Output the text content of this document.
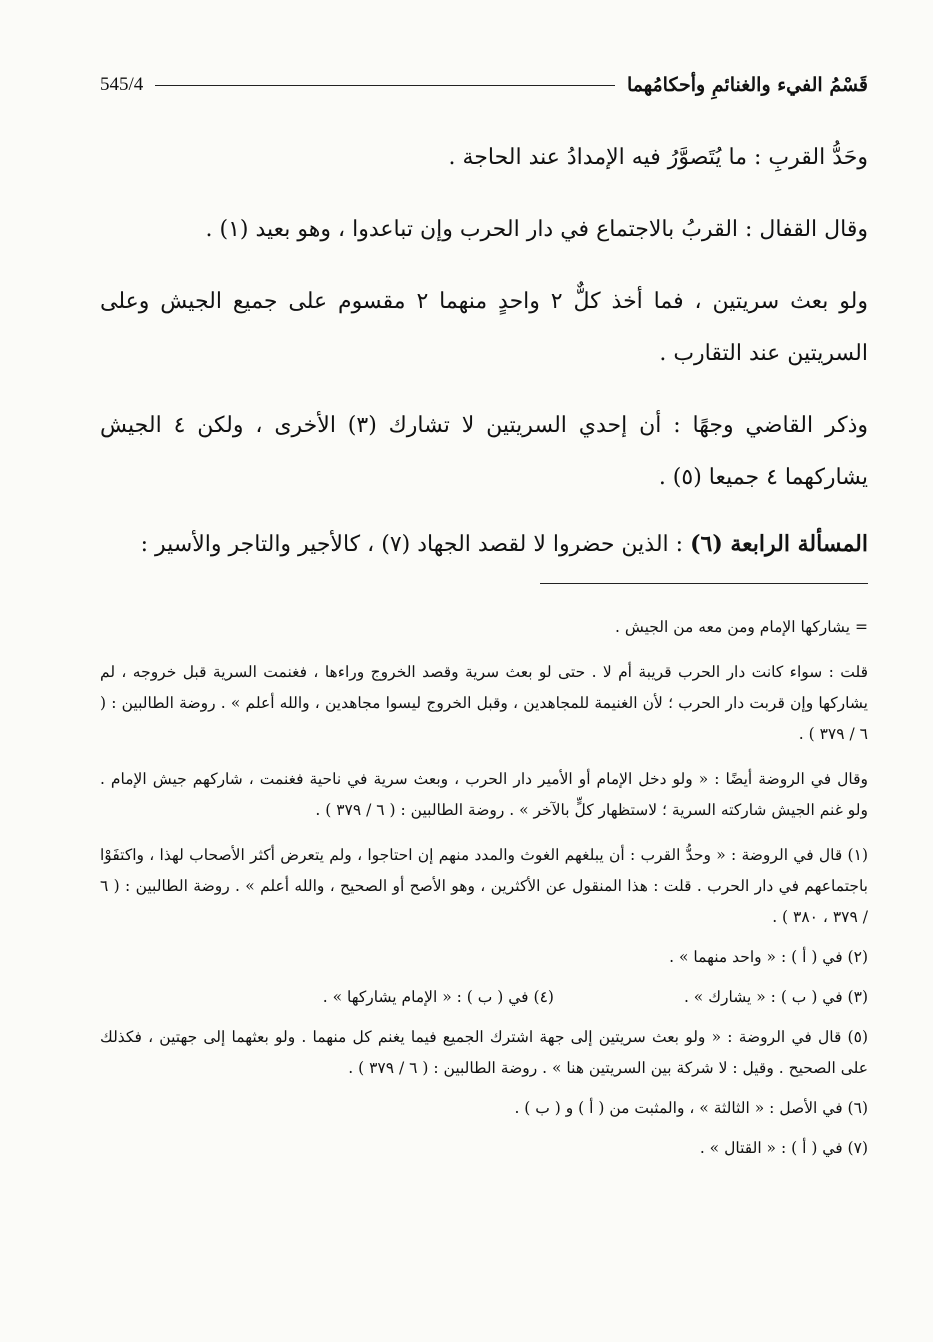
545/4	قَسْمُ الفيء والغنائمِ وأحكامُهما

وحَدُّ القربِ : ما يُتَصوَّرُ فيه الإمدادُ عند الحاجة .

وقال القفال : القربُ بالاجتماع في دار الحرب وإن تباعدوا ، وهو بعيد (١) .

ولو بعث سريتين ، فما أخذ كلٌّ ٢ واحدٍ منهما ٢ مقسوم على جميع الجيش وعلى السريتين عند التقارب .

وذكر القاضي وجهًا : أن إحدي السريتين لا تشارك (٣) الأخرى ، ولكن ٤ الجيش يشاركهما ٤ جميعا (٥) .

المسألة الرابعة (٦) : الذين حضروا لا لقصد الجهاد (٧) ، كالأجير والتاجر والأسير :

= يشاركها الإمام ومن معه من الجيش .

قلت : سواء كانت دار الحرب قريبة أم لا . حتى لو بعث سرية وقصد الخروج وراءها ، فغنمت السرية قبل خروجه ، لم يشاركها وإن قربت دار الحرب ؛ لأن الغنيمة للمجاهدين ، وقبل الخروج ليسوا مجاهدين ، والله أعلم » . روضة الطالبين : ( ٦ / ٣٧٩ ) .

وقال في الروضة أيضًا : « ولو دخل الإمام أو الأمير دار الحرب ، وبعث سرية في ناحية فغنمت ، شاركهم جيش الإمام . ولو غنم الجيش شاركته السرية ؛ لاستظهار كلٍّ بالآخر » . روضة الطالبين : ( ٦ / ٣٧٩ ) .

(١) قال في الروضة : « وحدُّ القرب : أن يبلغهم الغوث والمدد منهم إن احتاجوا ، ولم يتعرض أكثر الأصحاب لهذا ، واكتفَوْا باجتماعهم في دار الحرب . قلت : هذا المنقول عن الأكثرين ، وهو الأصح أو الصحيح ، والله أعلم » . روضة الطالبين : ( ٦ / ٣٧٩ ، ٣٨٠ ) .

(٢) في ( أ ) : « واحد منهما » .

(٣) في ( ب ) : « يشارك » .
(٤) في ( ب ) : « الإمام يشاركها » .

(٥) قال في الروضة : « ولو بعث سريتين إلى جهة اشترك الجميع فيما يغنم كل منهما . ولو بعثهما إلى جهتين ، فكذلك على الصحيح . وقيل : لا شركة بين السريتين هنا » . روضة الطالبين : ( ٦ / ٣٧٩ ) .

(٦) في الأصل : « الثالثة » ، والمثبت من ( أ ) و ( ب ) .

(٧) في ( أ ) : « القتال » .
